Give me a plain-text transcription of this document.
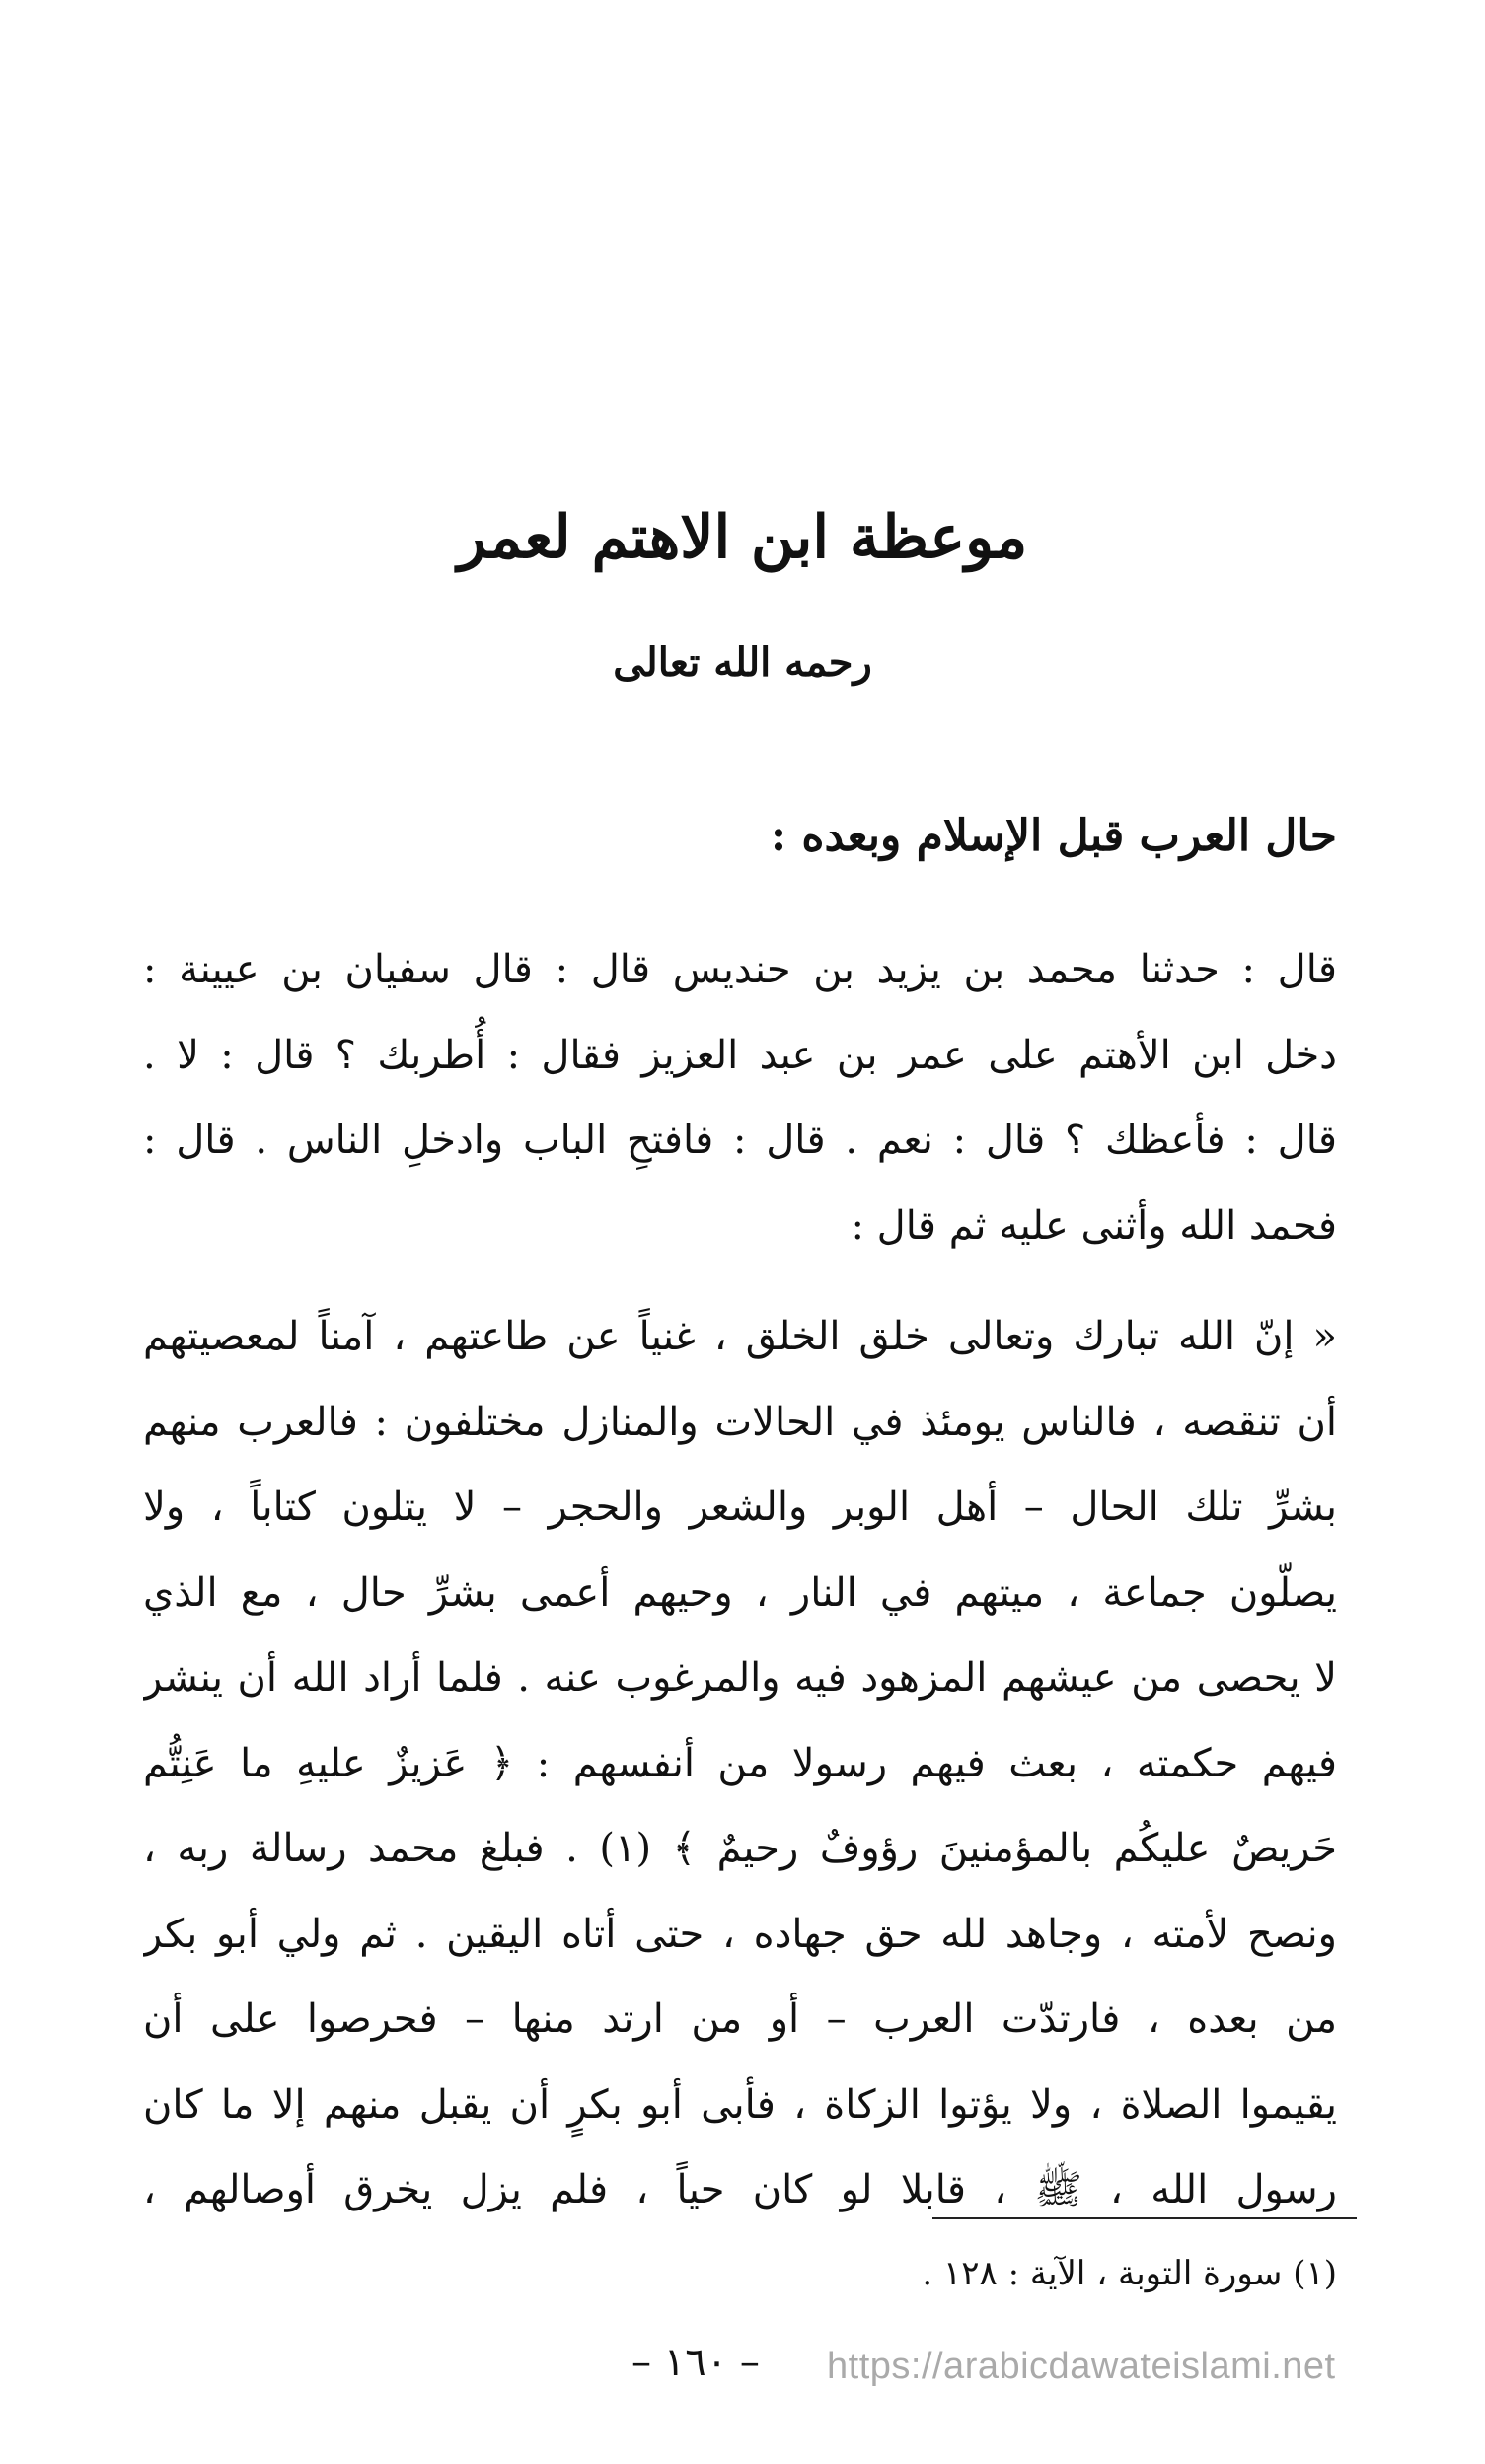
موعظة ابن الاهتم لعمر
رحمه الله تعالى
حال العرب قبل الإسلام وبعده :
قال : حدثنا محمد بن يزيد بن حنديس قال : قال سفيان بن عيينة :
دخل ابن الأهتم على عمر بن عبد العزيز فقال : أُطربك ؟ قال : لا .
قال : فأعظك ؟ قال : نعم . قال : فافتحِ الباب وادخلِ الناس . قال :
فحمد الله وأثنى عليه ثم قال :
« إنّ الله تبارك وتعالى خلق الخلق ، غنياً عن طاعتهم ، آمناً لمعصيتهم
أن تنقصه ، فالناس يومئذ في الحالات والمنازل مختلفون : فالعرب منهم
بشرِّ تلك الحال – أهل الوبر والشعر والحجر – لا يتلون كتاباً ، ولا
يصلّون جماعة ، ميتهم في النار ، وحيهم أعمى بشرِّ حال ، مع الذي
لا يحصى من عيشهم المزهود فيه والمرغوب عنه . فلما أراد الله أن ينشر
فيهم حكمته ، بعث فيهم رسولا من أنفسهم : ﴿ عَزيزٌ عليهِ ما عَنِتُّم
حَريصٌ عليكُم بالمؤمنينَ رؤوفٌ رحيمٌ ﴾ (١) . فبلغ محمد رسالة ربه ،
ونصح لأمته ، وجاهد لله حق جهاده ، حتى أتاه اليقين . ثم ولي أبو بكر
من بعده ، فارتدّت العرب – أو من ارتد منها – فحرصوا على أن
يقيموا الصلاة ، ولا يؤتوا الزكاة ، فأبى أبو بكرٍ أن يقبل منهم إلا ما كان
رسول الله ، ﷺ ، قابلا لو كان حياً ، فلم يزل يخرق أوصالهم ،
(١) سورة التوبة ، الآية : ١٢٨ .
– ١٦٠ –	https://arabicdawateislami.net
